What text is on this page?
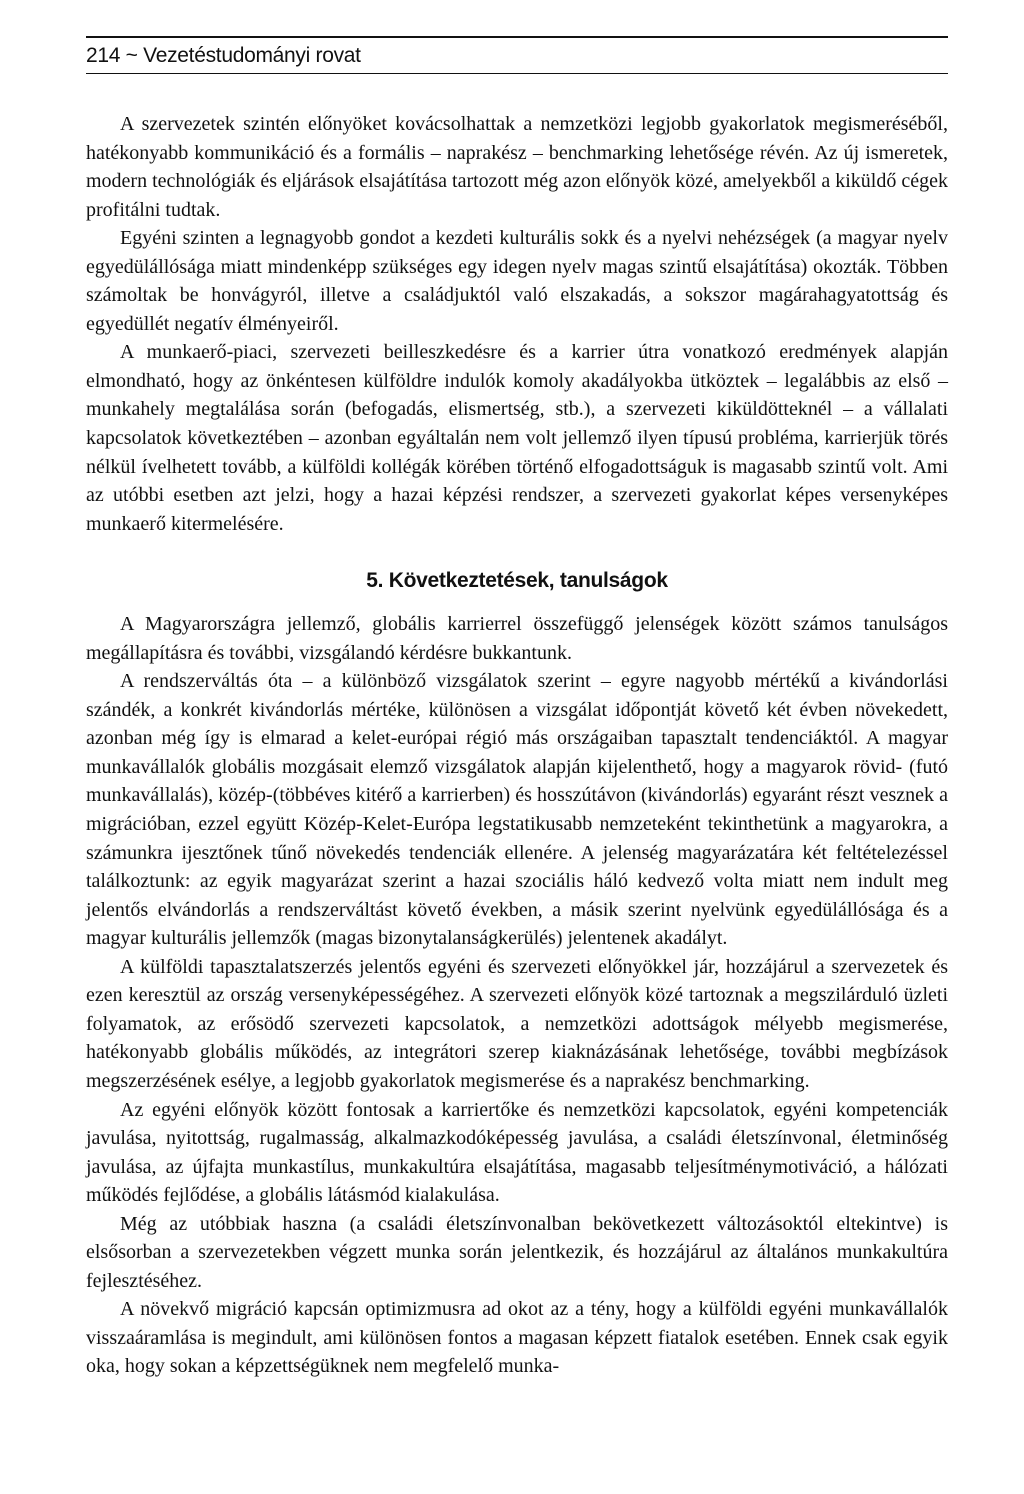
214 ~ Vezetéstudományi rovat

A szervezetek szintén előnyöket kovácsolhattak a nemzetközi legjobb gyakorlatok megismeréséből, hatékonyabb kommunikáció és a formális – naprakész – benchmarking lehetősége révén. Az új ismeretek, modern technológiák és eljárások elsajátítása tartozott még azon előnyök közé, amelyekből a kiküldő cégek profitálni tudtak.

Egyéni szinten a legnagyobb gondot a kezdeti kulturális sokk és a nyelvi nehézségek (a magyar nyelv egyedülállósága miatt mindenképp szükséges egy idegen nyelv magas szintű elsajátítása) okozták. Többen számoltak be honvágyról, illetve a családjuktól való elszakadás, a sokszor magárahagyatottság és egyedüllét negatív élményeiről.

A munkaerő-piaci, szervezeti beilleszkedésre és a karrier útra vonatkozó eredmények alapján elmondható, hogy az önkéntesen külföldre indulók komoly akadályokba ütköztek – legalábbis az első – munkahely megtalálása során (befogadás, elismertség, stb.), a szervezeti kiküldötteknél – a vállalati kapcsolatok következtében – azonban egyáltalán nem volt jellemző ilyen típusú probléma, karrierjük törés nélkül ívelhetett tovább, a külföldi kollégák körében történő elfogadottságuk is magasabb szintű volt. Ami az utóbbi esetben azt jelzi, hogy a hazai képzési rendszer, a szervezeti gyakorlat képes versenyképes munkaerő kitermelésére.

5. Következtetések, tanulságok

A Magyarországra jellemző, globális karrierrel összefüggő jelenségek között számos tanulságos megállapításra és további, vizsgálandó kérdésre bukkantunk.

A rendszerváltás óta – a különböző vizsgálatok szerint – egyre nagyobb mértékű a kivándorlási szándék, a konkrét kivándorlás mértéke, különösen a vizsgálat időpontját követő két évben növekedett, azonban még így is elmarad a kelet-európai régió más országaiban tapasztalt tendenciáktól. A magyar munkavállalók globális mozgásait elemző vizsgálatok alapján kijelenthető, hogy a magyarok rövid- (futó munkavállalás), közép-(többéves kitérő a karrierben) és hosszútávon (kivándorlás) egyaránt részt vesznek a migrációban, ezzel együtt Közép-Kelet-Európa legstatikusabb nemzeteként tekinthetünk a magyarokra, a számunkra ijesztőnek tűnő növekedés tendenciák ellenére. A jelenség magyarázatára két feltételezéssel találkoztunk: az egyik magyarázat szerint a hazai szociális háló kedvező volta miatt nem indult meg jelentős elvándorlás a rendszerváltást követő években, a másik szerint nyelvünk egyedülállósága és a magyar kulturális jellemzők (magas bizonytalanságkerülés) jelentenek akadályt.

A külföldi tapasztalatszerzés jelentős egyéni és szervezeti előnyökkel jár, hozzájárul a szervezetek és ezen keresztül az ország versenyképességéhez. A szervezeti előnyök közé tartoznak a megszilárduló üzleti folyamatok, az erősödő szervezeti kapcsolatok, a nemzetközi adottságok mélyebb megismerése, hatékonyabb globális működés, az integrátori szerep kiaknázásának lehetősége, további megbízások megszerzésének esélye, a legjobb gyakorlatok megismerése és a naprakész benchmarking.

Az egyéni előnyök között fontosak a karriertőke és nemzetközi kapcsolatok, egyéni kompetenciák javulása, nyitottság, rugalmasság, alkalmazkodóképesség javulása, a családi életszínvonal, életminőség javulása, az újfajta munkastílus, munkakultúra elsajátítása, magasabb teljesítménymotiváció, a hálózati működés fejlődése, a globális látásmód kialakulása.

Még az utóbbiak haszna (a családi életszínvonalban bekövetkezett változásoktól eltekintve) is elsősorban a szervezetekben végzett munka során jelentkezik, és hozzájárul az általános munkakultúra fejlesztéséhez.

A növekvő migráció kapcsán optimizmusra ad okot az a tény, hogy a külföldi egyéni munkavállalók visszaáramlása is megindult, ami különösen fontos a magasan képzett fiatalok esetében. Ennek csak egyik oka, hogy sokan a képzettségüknek nem megfelelő munka-
